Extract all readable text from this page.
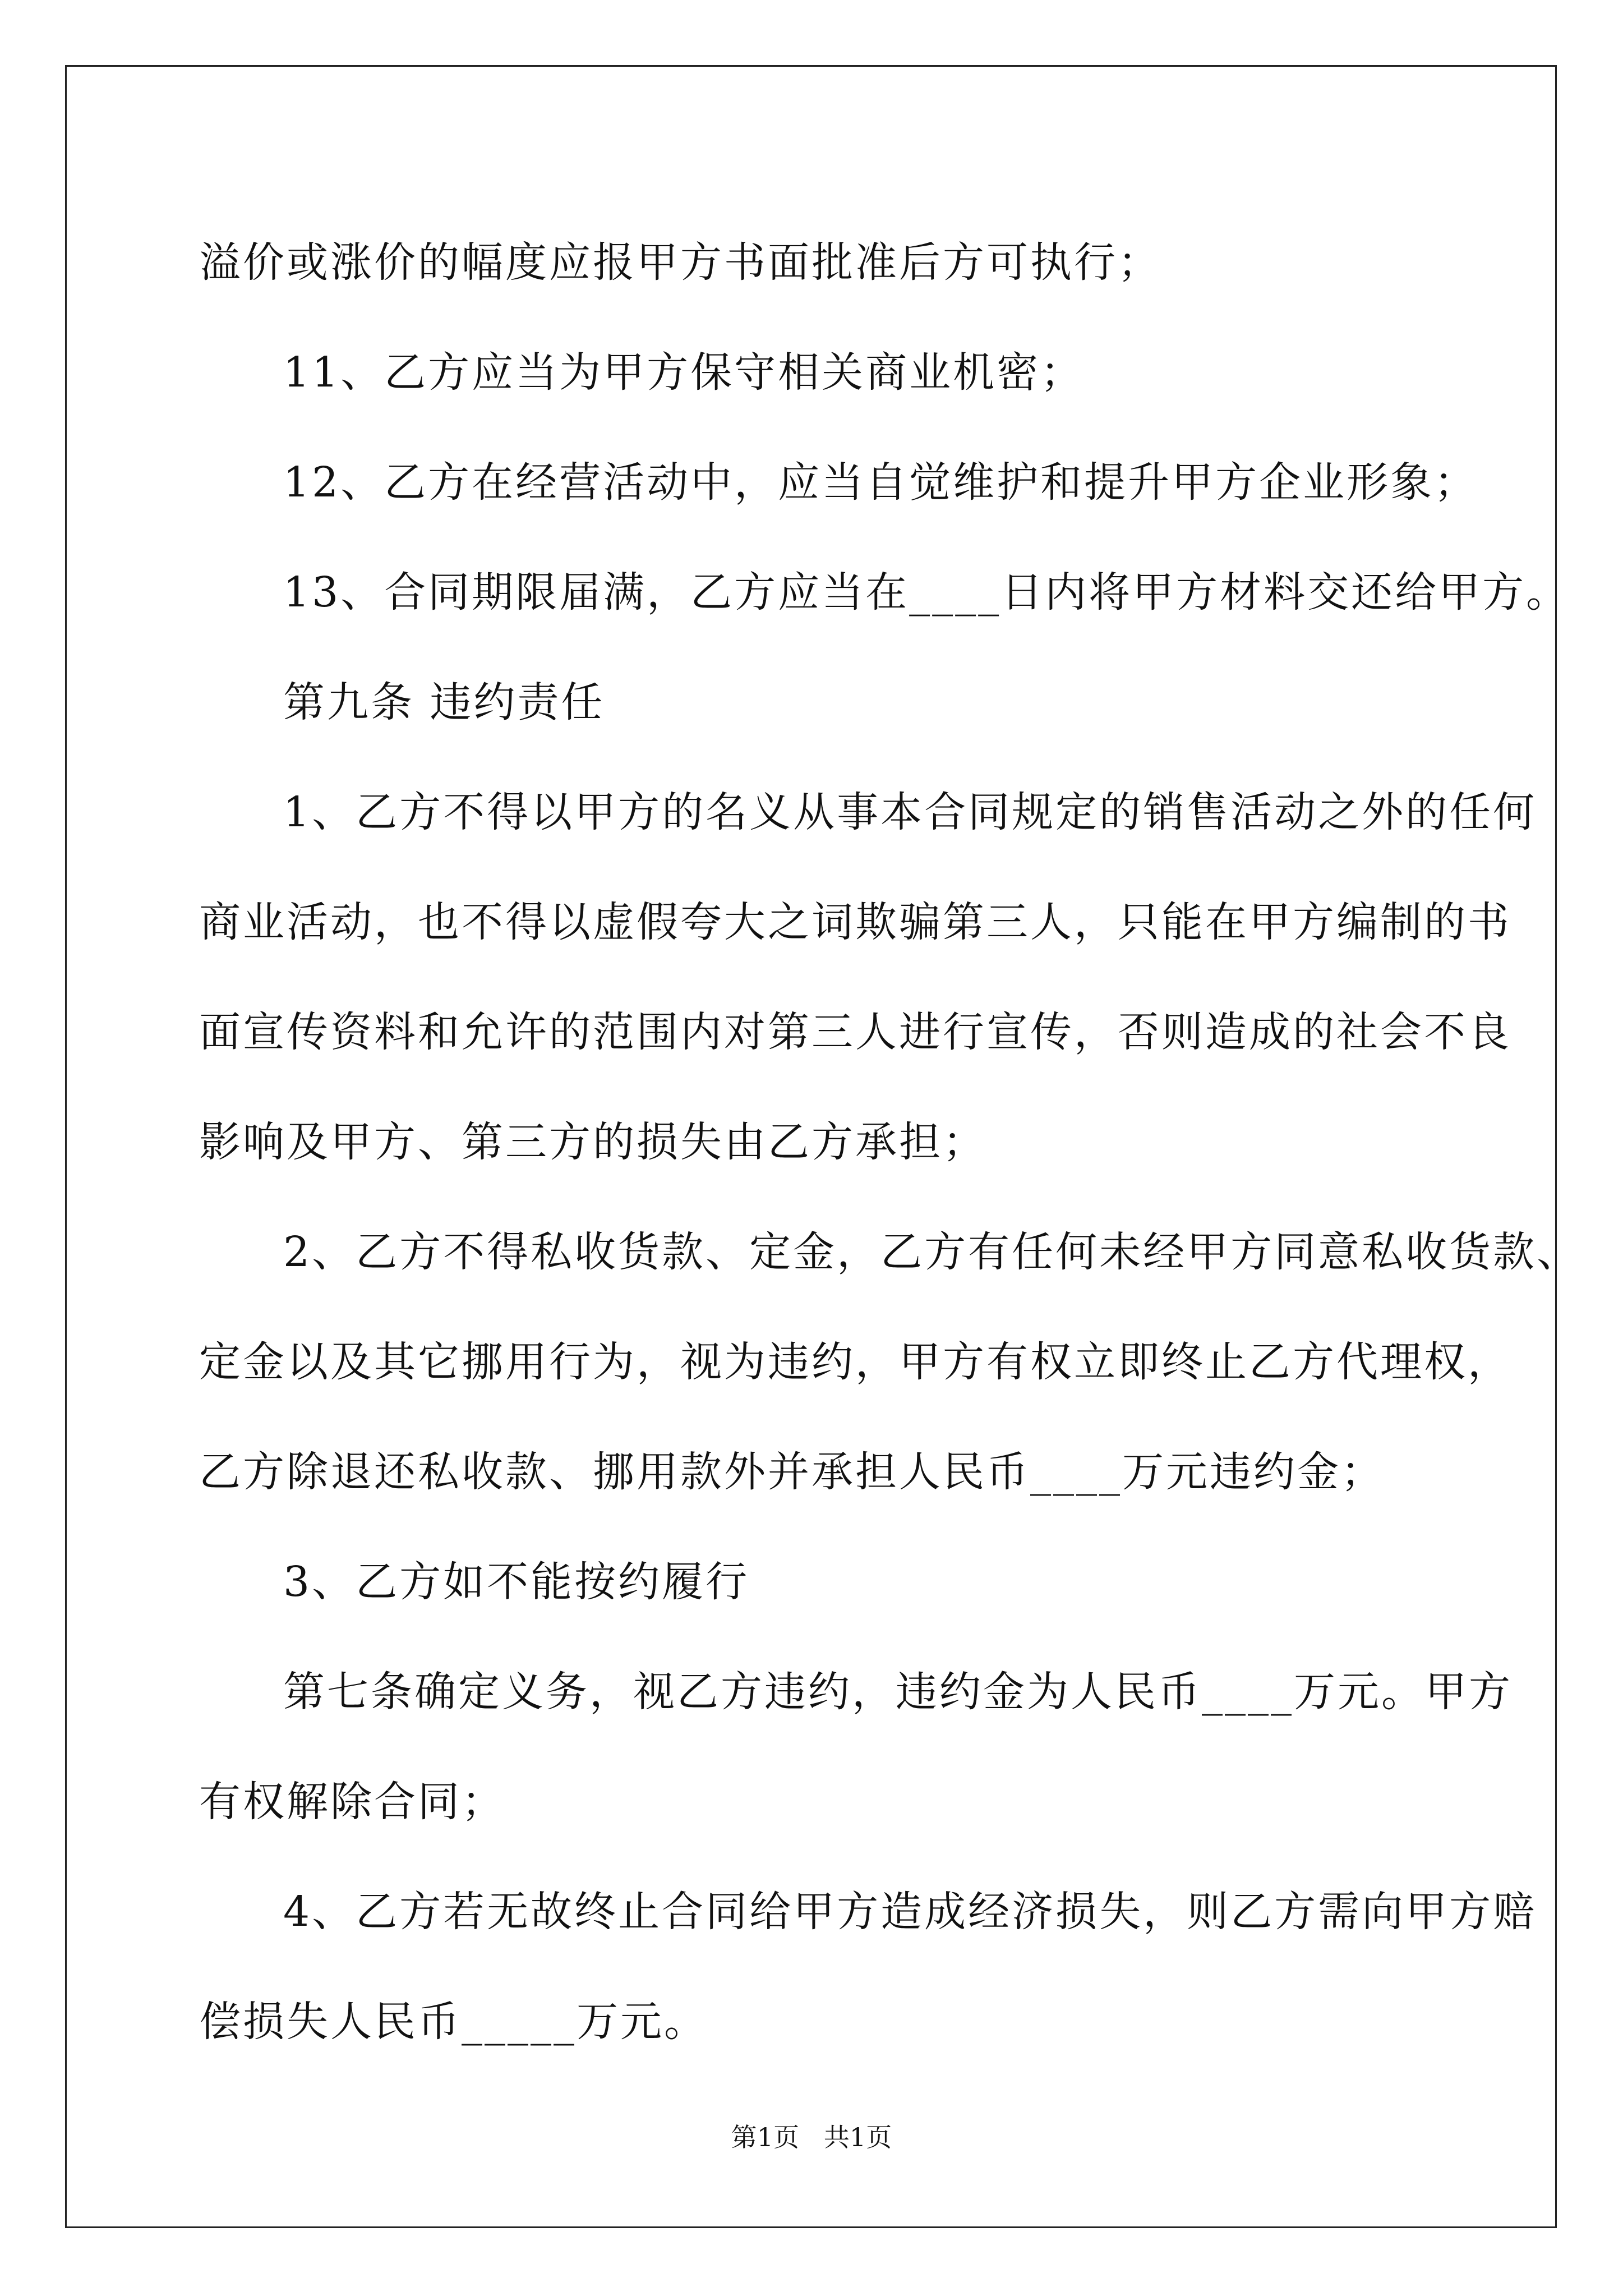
溢价或涨价的幅度应报甲方书面批准后方可执行；

11、乙方应当为甲方保守相关商业机密；

12、乙方在经营活动中，应当自觉维护和提升甲方企业形象；

13、合同期限届满，乙方应当在____日内将甲方材料交还给甲方。

第九条 违约责任

1、乙方不得以甲方的名义从事本合同规定的销售活动之外的任何

商业活动，也不得以虚假夸大之词欺骗第三人，只能在甲方编制的书

面宣传资料和允许的范围内对第三人进行宣传，否则造成的社会不良

影响及甲方、第三方的损失由乙方承担；

2、乙方不得私收货款、定金，乙方有任何未经甲方同意私收货款、

定金以及其它挪用行为，视为违约，甲方有权立即终止乙方代理权，

乙方除退还私收款、挪用款外并承担人民币____万元违约金；

3、乙方如不能按约履行

第七条确定义务，视乙方违约，违约金为人民币____万元。甲方

有权解除合同；

4、乙方若无故终止合同给甲方造成经济损失，则乙方需向甲方赔

偿损失人民币_____万元。

第1页   共1页
